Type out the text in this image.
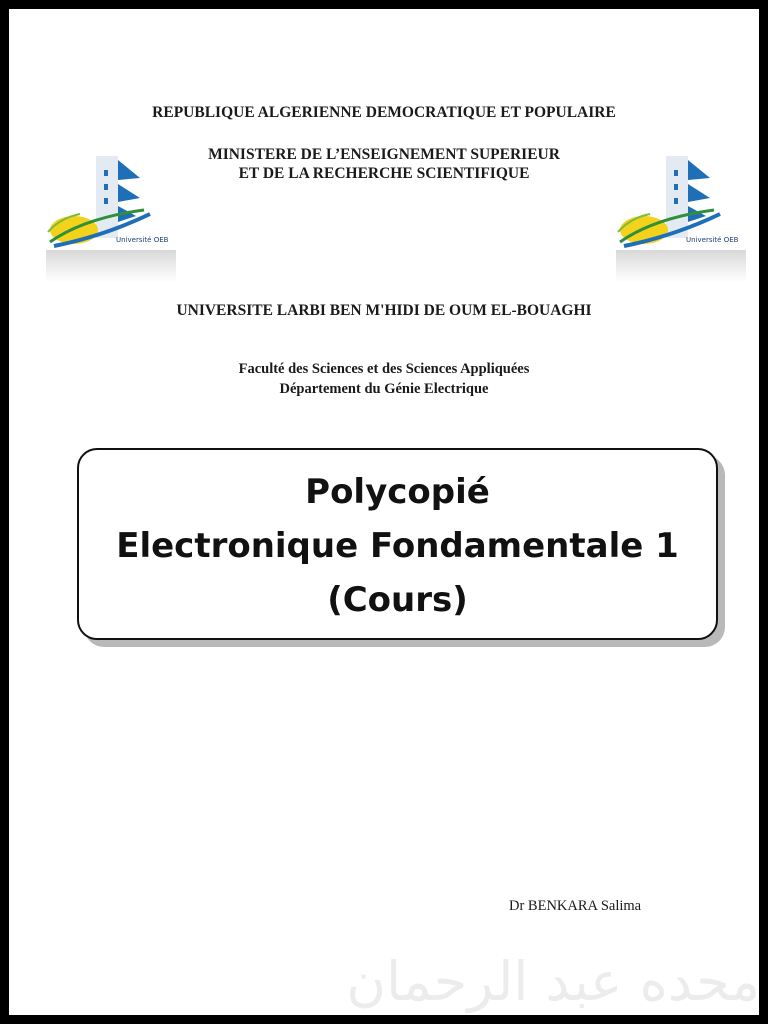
REPUBLIQUE ALGERIENNE DEMOCRATIQUE ET POPULAIRE
MINISTERE DE L’ENSEIGNEMENT SUPERIEUR
ET DE LA RECHERCHE SCIENTIFIQUE
Université OEB	Université OEB
UNIVERSITE LARBI BEN M'HIDI DE OUM EL-BOUAGHI
Faculté des Sciences et des Sciences Appliquées
Département du Génie Electrique
Polycopié
Electronique Fondamentale 1
(Cours)
Dr BENKARA Salima
محده عبد الرحمان
